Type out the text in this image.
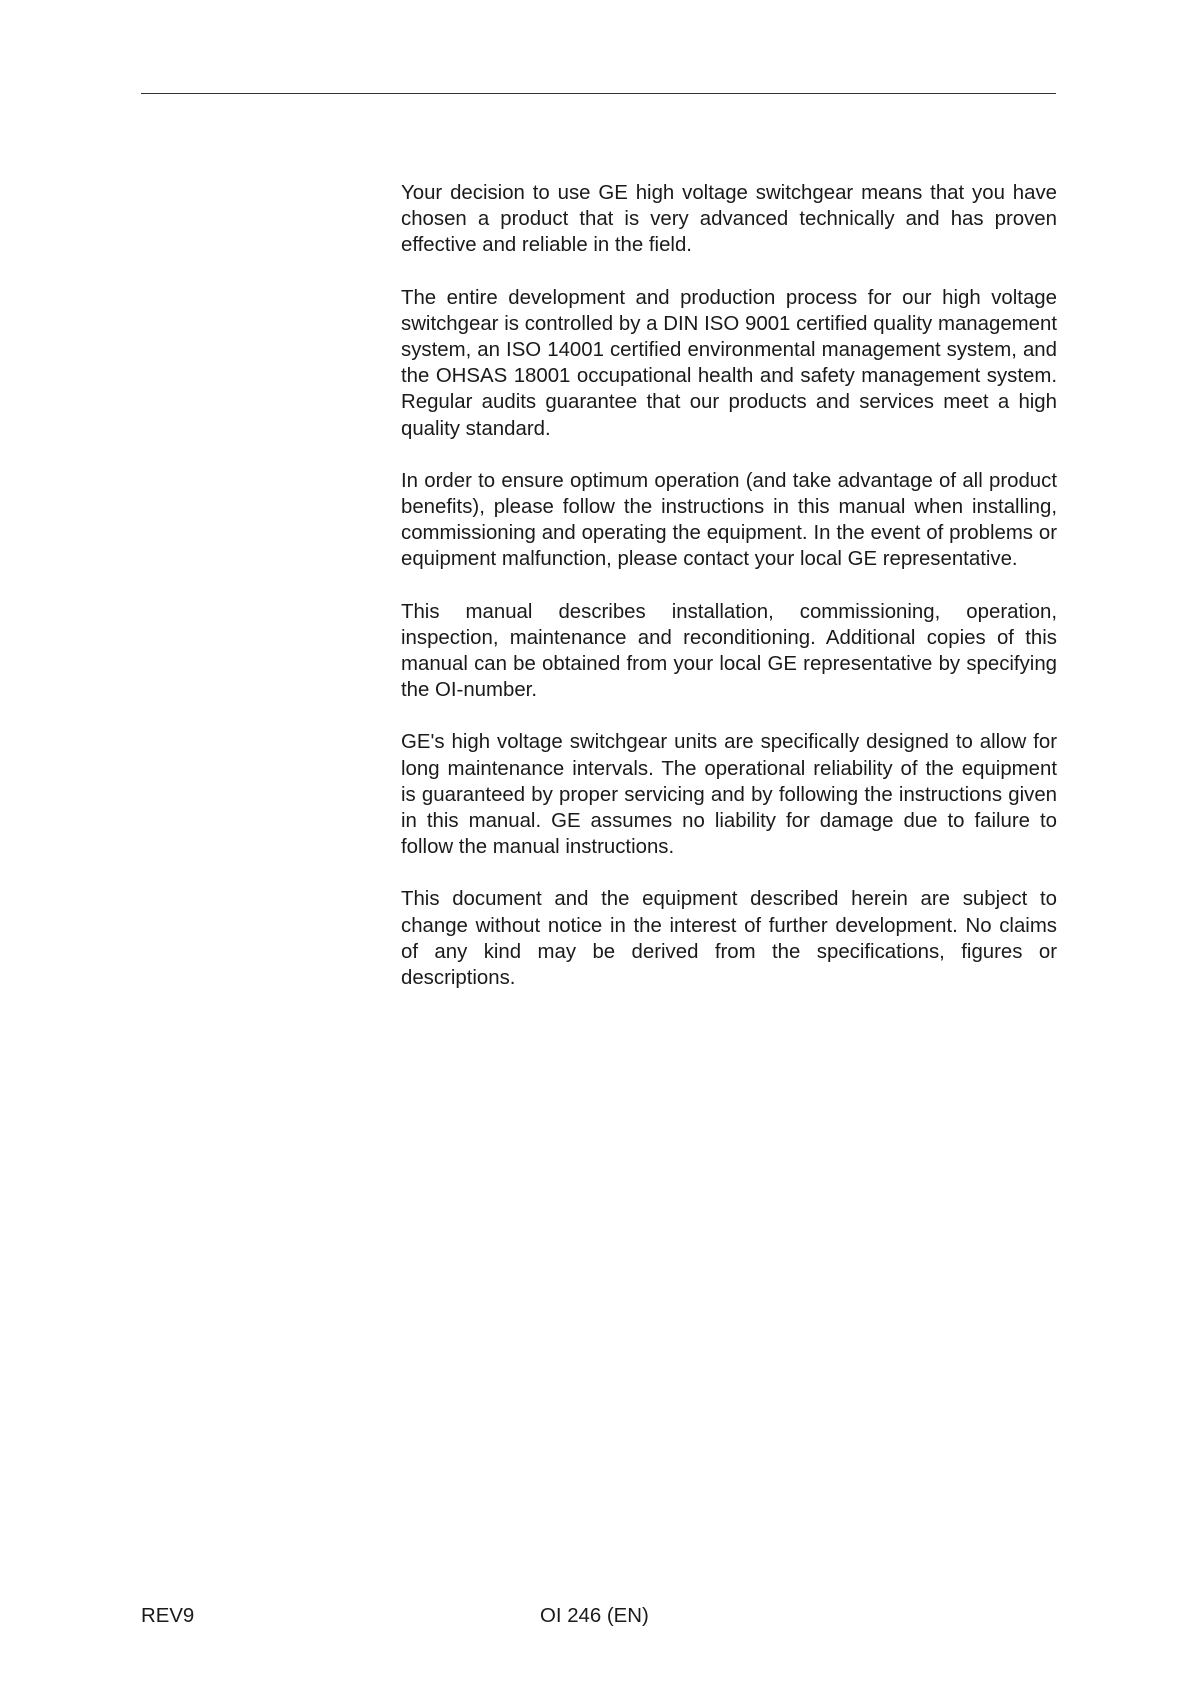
Your decision to use GE high voltage switchgear means that you have chosen a product that is very advanced technically and has proven effective and reliable in the field.

The entire development and production process for our high voltage switchgear is controlled by a DIN ISO 9001 certified quality management system, an ISO 14001 certified environmental management system, and the OHSAS 18001 occupational health and safety management system. Regular audits guarantee that our products and services meet a high quality standard.

In order to ensure optimum operation (and take advantage of all product benefits), please follow the instructions in this manual when installing, commissioning and operating the equipment. In the event of problems or equipment malfunction, please contact your local GE representative.

This manual describes installation, commissioning, operation, inspection, maintenance and reconditioning. Additional copies of this manual can be obtained from your local GE representative by specifying the OI-number.

GE's high voltage switchgear units are specifically designed to allow for long maintenance intervals. The operational reliability of the equipment is guaranteed by proper servicing and by following the instructions given in this manual. GE assumes no liability for damage due to failure to follow the manual instructions.

This document and the equipment described herein are subject to change without notice in the interest of further development. No claims of any kind may be derived from the specifications, figures or descriptions.

REV9	OI 246 (EN)
